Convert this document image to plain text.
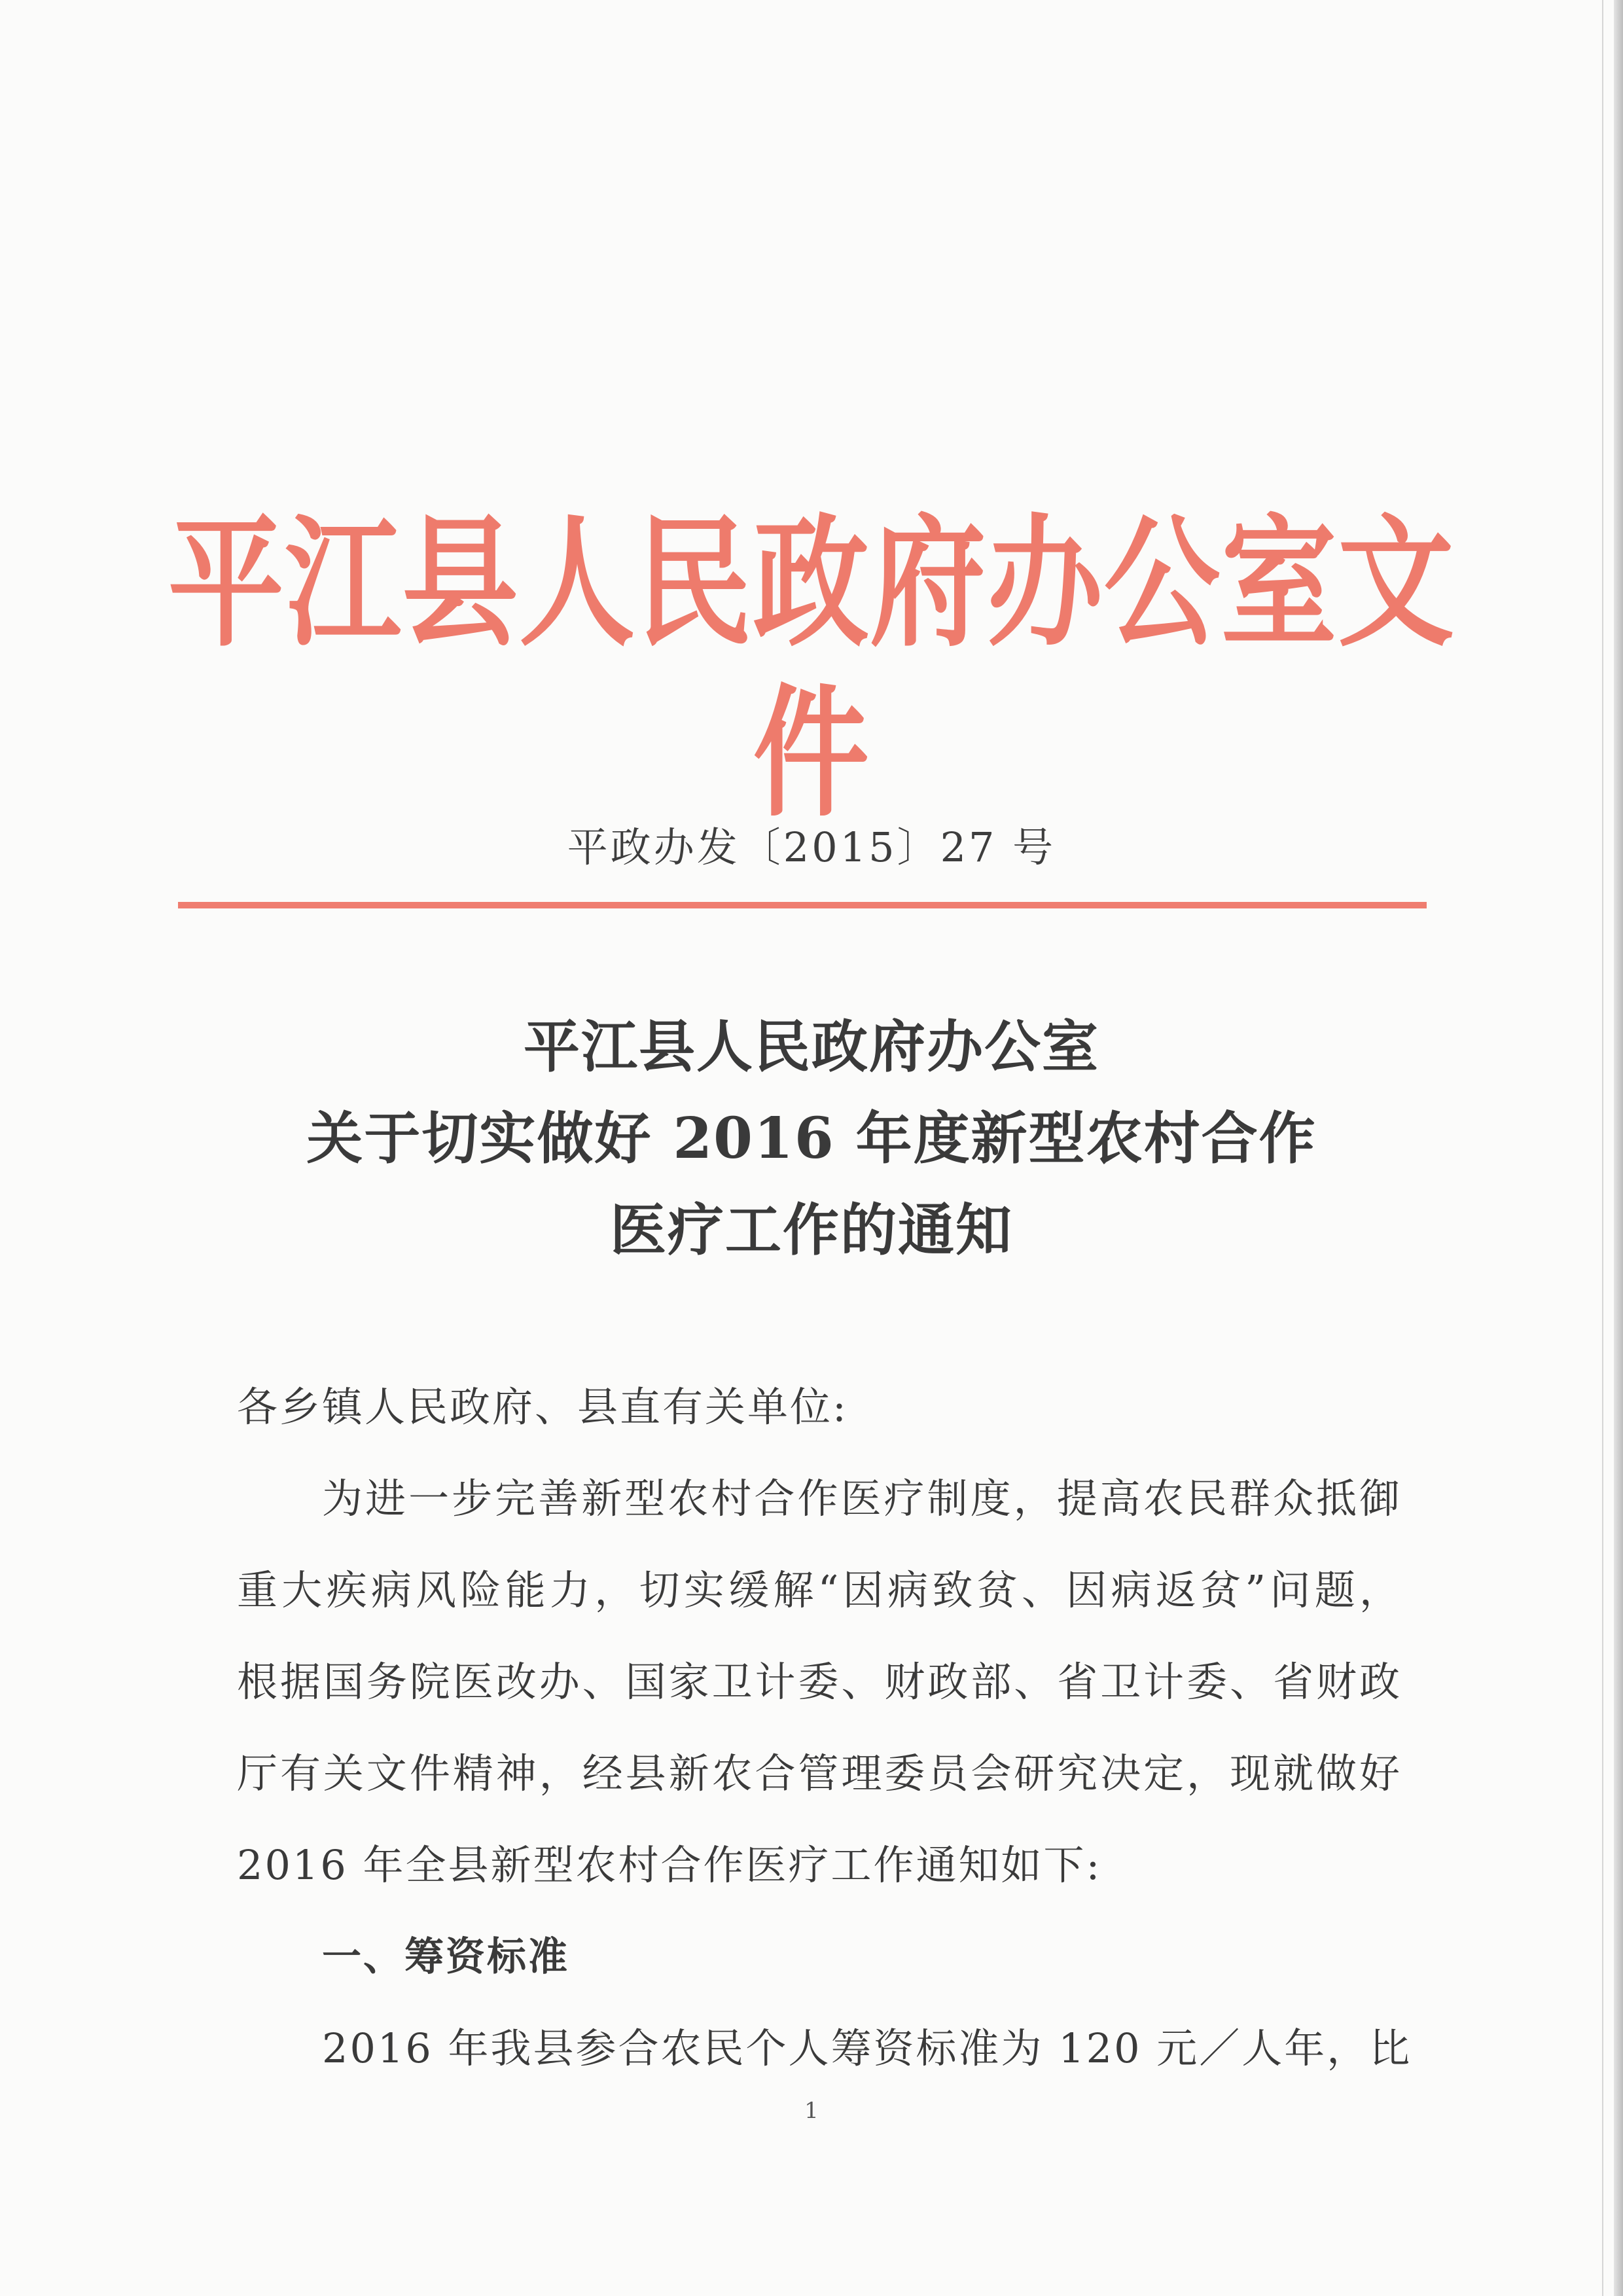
平江县人民政府办公室文件
平政办发〔2015〕27 号
平江县人民政府办公室
关于切实做好 2016 年度新型农村合作
医疗工作的通知
各乡镇人民政府、县直有关单位:
为进一步完善新型农村合作医疗制度，提高农民群众抵御
重大疾病风险能力，切实缓解“因病致贫、因病返贫”问题，
根据国务院医改办、国家卫计委、财政部、省卫计委、省财政
厅有关文件精神，经县新农合管理委员会研究决定，现就做好
2016 年全县新型农村合作医疗工作通知如下:
一、筹资标准
2016 年我县参合农民个人筹资标准为 120 元／人年，比
1
